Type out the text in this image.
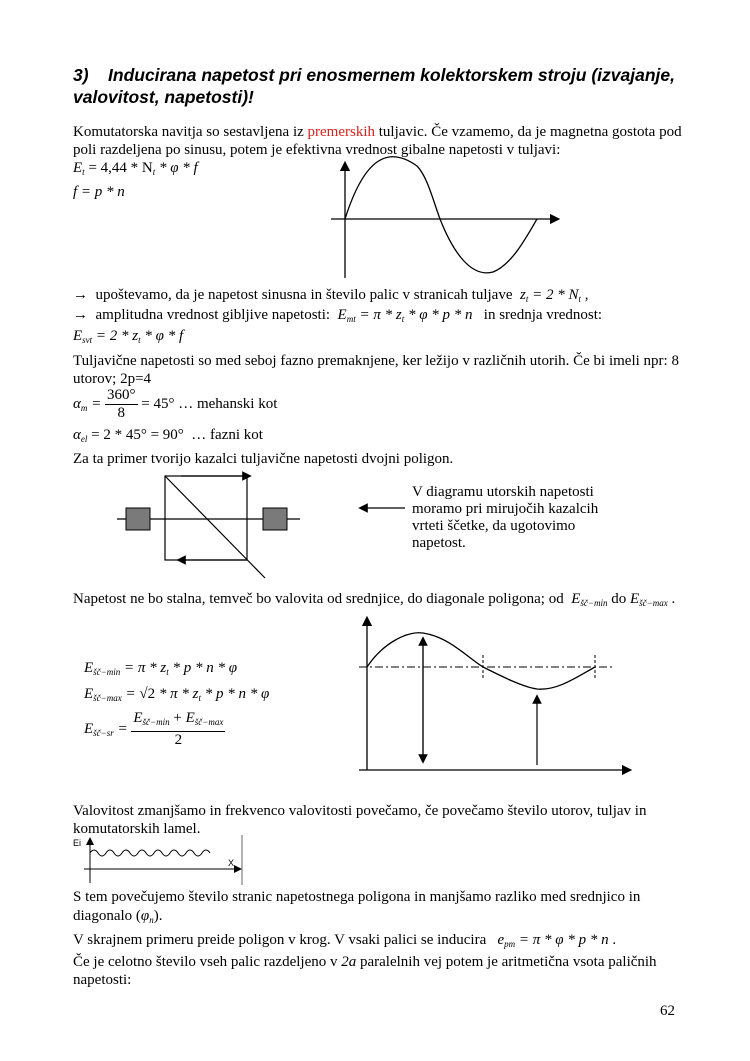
3) Inducirana napetost pri enosmernem kolektorskem stroju (izvajanje, valovitost, napetosti)!
Komutatorska navitja so sestavljena iz premerskih tuljavic. Če vzamemo, da je magnetna gostota pod
poli razdeljena po sinusu, potem je efektivna vrednost gibalne napetosti v tuljavi:
$E_t = 4,44 * N_t * \varphi * f$
f = p * n
→ upoštevamo, da je napetost sinusna in število palic v stranicah tuljave $z_t = 2 * N_t$ ,
→ amplitudna vrednost gibljive napetosti: $E_{mt} = \pi * z_t * \varphi * p * n$ in srednja vrednost:
$E_{svt} = 2 * z_t * \varphi * f$
Tuljavične napetosti so med seboj fazno premaknjene, ker ležijo v različnih utorih. Če bi imeli npr: 8
utorov; 2p=4
$\alpha_m = \frac{360^\circ}{8} = 45^\circ$ … mehanski kot
$\alpha_{el} = 2 * 45^\circ = 90^\circ$ … fazni kot
Za ta primer tvorijo kazalci tuljavične napetosti dvojni poligon.
V diagramu utorskih napetosti
moramo pri mirujočih kazalcih
vrteti ščetke, da ugotovimo
napetost.
Napetost ne bo stalna, temveč bo valovita od srednjice, do diagonale poligona; od $E_{šč-min}$ do $E_{šč-max}$ .
$E_{šč-min} = \pi * z_t * p * n * \varphi$
$E_{šč-max} = √2 * \pi * z_t * p * n * \varphi$
$E_{šč-sr} = \frac{E_{šč-min} + E_{šč-max}}{2}$
Valovitost zmanjšamo in frekvenco valovitosti povečamo, če povečamo število utorov, tuljav in
komutatorskih lamel.
Ei
X
S tem povečujemo število stranic napetostnega poligona in manjšamo razliko med srednjico in
diagonalo $(\varphi_n)$.
V skrajnem primeru preide poligon v krog. V vsaki palici se inducira $e_{pm} = \pi * \varphi * p * n$ .
Če je celotno število vseh palic razdeljeno v 2a paralelnih vej potem je aritmetična vsota paličnih
napetosti:
62
